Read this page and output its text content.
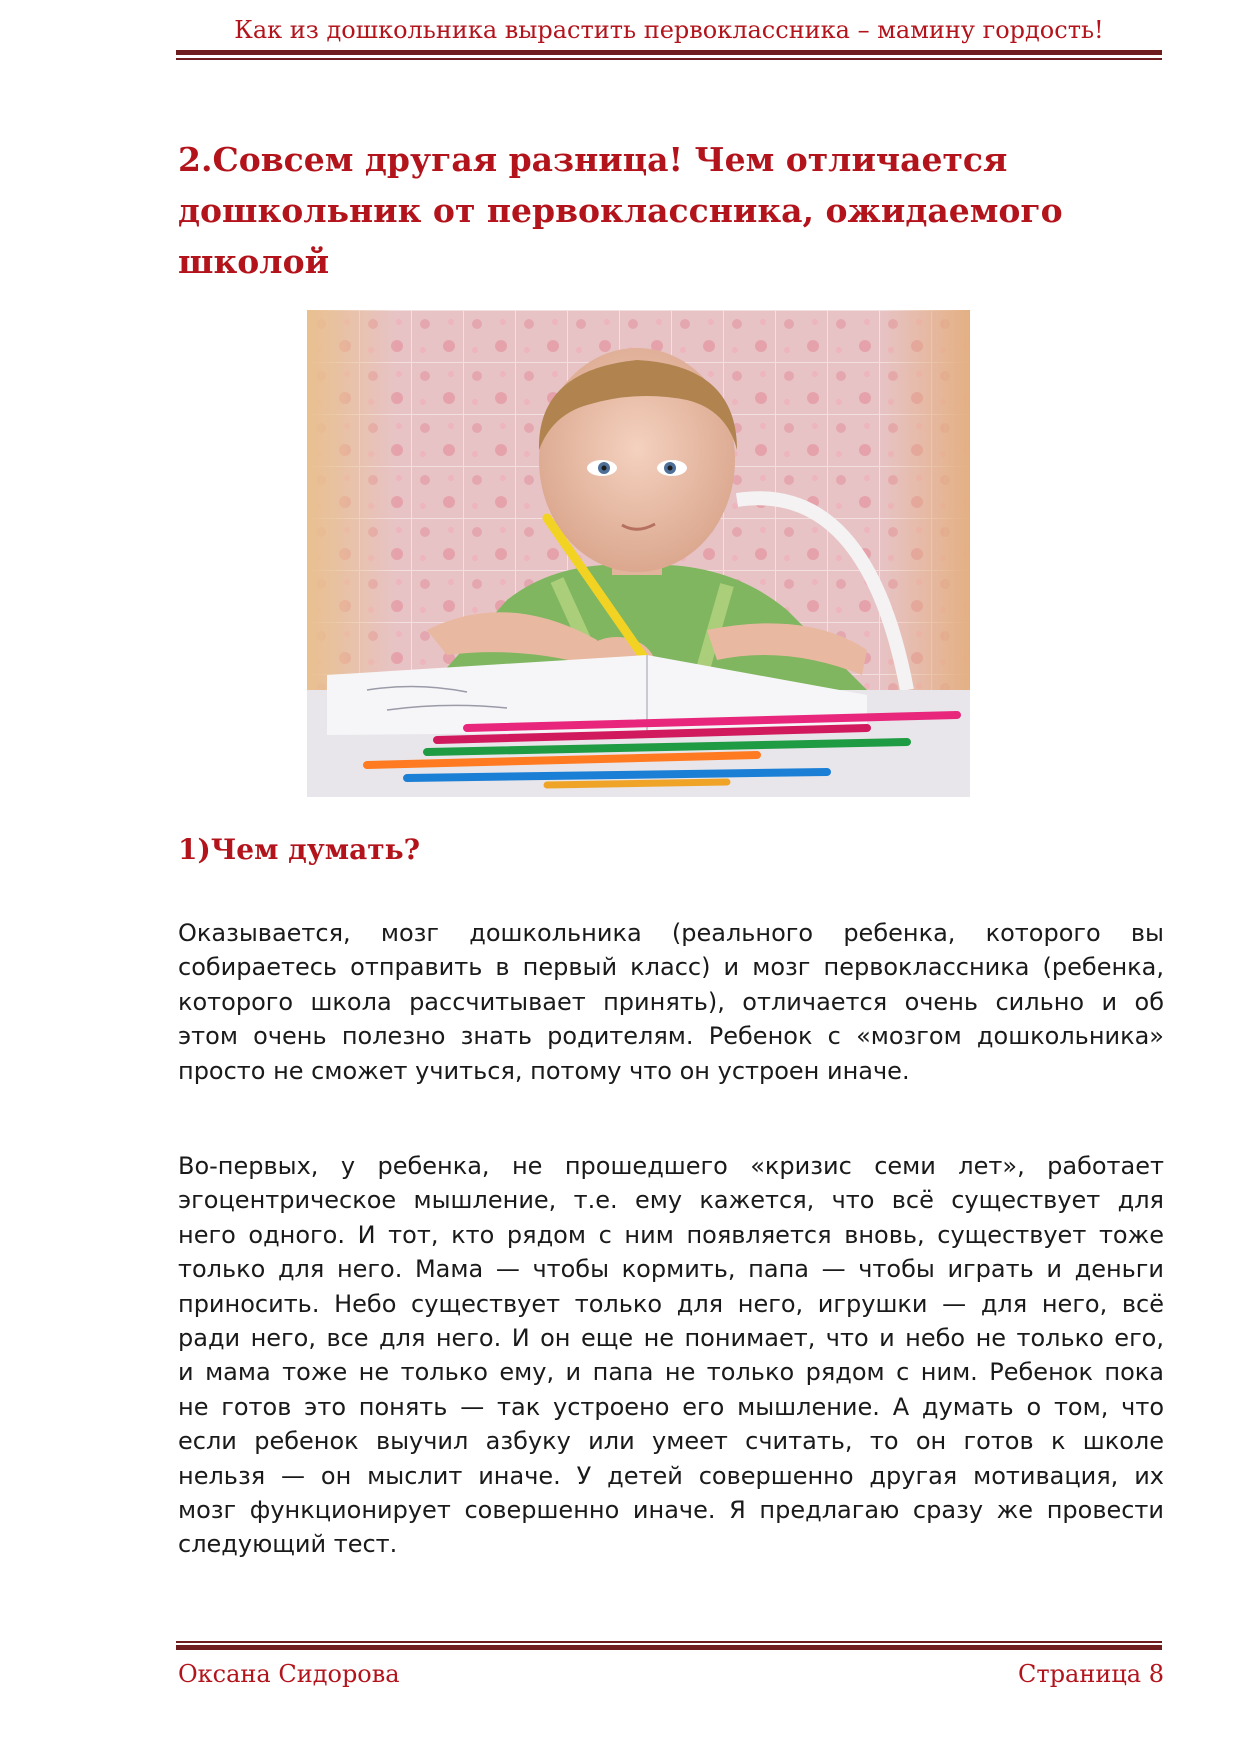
Как из дошкольника вырастить первоклассника – мамину гордость!
2.Совсем другая разница! Чем отличается
дошкольник от первоклассника, ожидаемого
школой
1)Чем думать?

Оказывается, мозг дошкольника (реального ребенка, которого вы
собираетесь отправить в первый класс) и мозг первоклассника (ребенка,
которого школа рассчитывает принять), отличается очень сильно и об
этом очень полезно знать родителям. Ребенок с «мозгом дошкольника»
просто не сможет учиться, потому что он устроен иначе.

Во-первых, у ребенка, не прошедшего «кризис семи лет», работает
эгоцентрическое мышление, т.е. ему кажется, что всё существует для
него одного. И тот, кто рядом с ним появляется вновь, существует тоже
только для него. Мама — чтобы кормить, папа — чтобы играть и деньги
приносить. Небо существует только для него, игрушки — для него, всё
ради него, все для него. И он еще не понимает, что и небо не только его,
и мама тоже не только ему, и папа не только рядом с ним. Ребенок пока
не готов это понять — так устроено его мышление. А думать о том, что
если ребенок выучил азбуку или умеет считать, то он готов к школе
нельзя — он мыслит иначе. У детей совершенно другая мотивация, их
мозг функционирует совершенно иначе. Я предлагаю сразу же провести
следующий тест.

Оксана Сидорова	Страница 8
